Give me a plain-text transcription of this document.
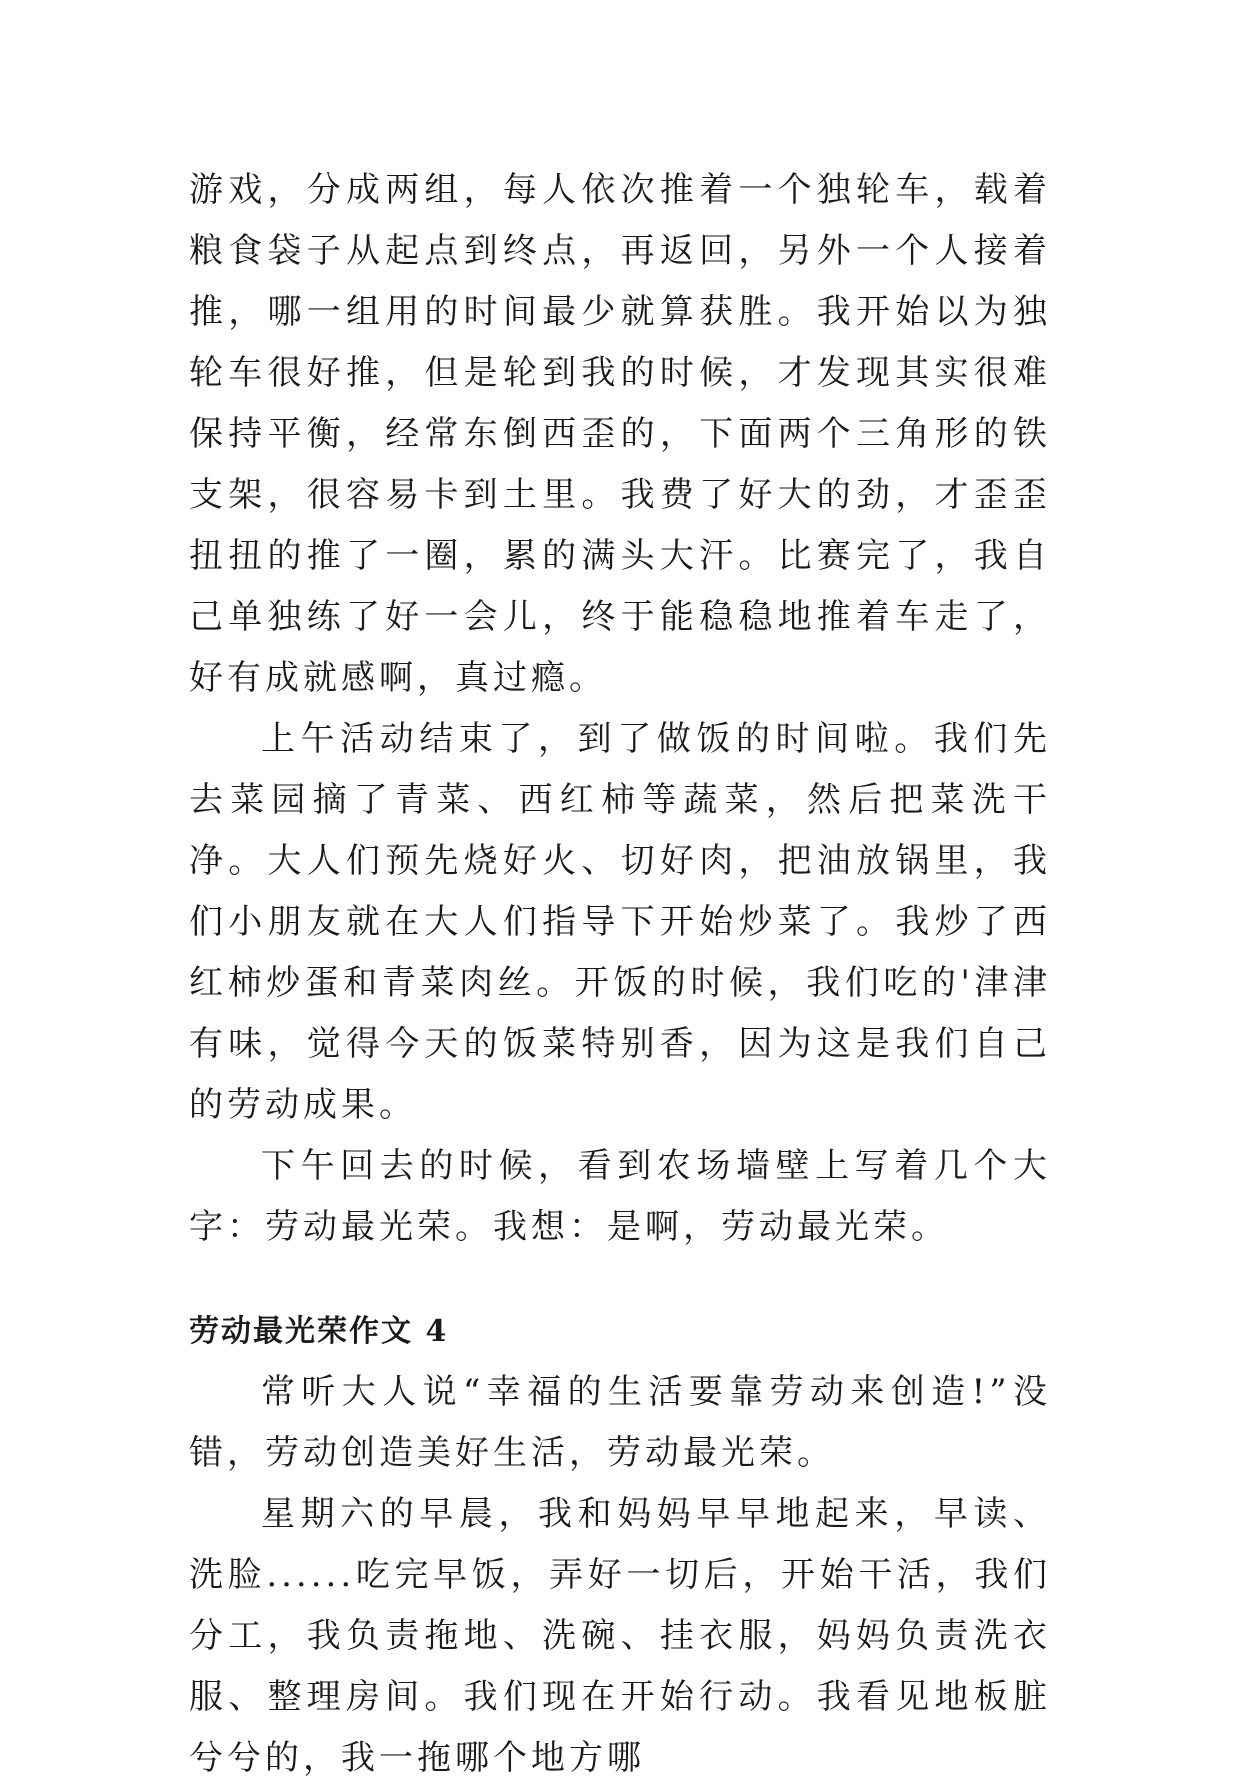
游戏，分成两组，每人依次推着一个独轮车，载着粮食袋子从起点到终点，再返回，另外一个人接着推，哪一组用的时间最少就算获胜。我开始以为独轮车很好推，但是轮到我的时候，才发现其实很难保持平衡，经常东倒西歪的，下面两个三角形的铁支架，很容易卡到土里。我费了好大的劲，才歪歪扭扭的推了一圈，累的满头大汗。比赛完了，我自己单独练了好一会儿，终于能稳稳地推着车走了，好有成就感啊，真过瘾。

上午活动结束了，到了做饭的时间啦。我们先去菜园摘了青菜、西红柿等蔬菜，然后把菜洗干净。大人们预先烧好火、切好肉，把油放锅里，我们小朋友就在大人们指导下开始炒菜了。我炒了西红柿炒蛋和青菜肉丝。开饭的时候，我们吃的'津津有味，觉得今天的饭菜特别香，因为这是我们自己的劳动成果。

下午回去的时候，看到农场墙壁上写着几个大字：劳动最光荣。我想：是啊，劳动最光荣。

劳动最光荣作文 4

常听大人说“幸福的生活要靠劳动来创造!”没错，劳动创造美好生活，劳动最光荣。

星期六的早晨，我和妈妈早早地起来，早读、洗脸......吃完早饭，弄好一切后，开始干活，我们分工，我负责拖地、洗碗、挂衣服，妈妈负责洗衣服、整理房间。我们现在开始行动。我看见地板脏兮兮的，我一拖哪个地方哪
